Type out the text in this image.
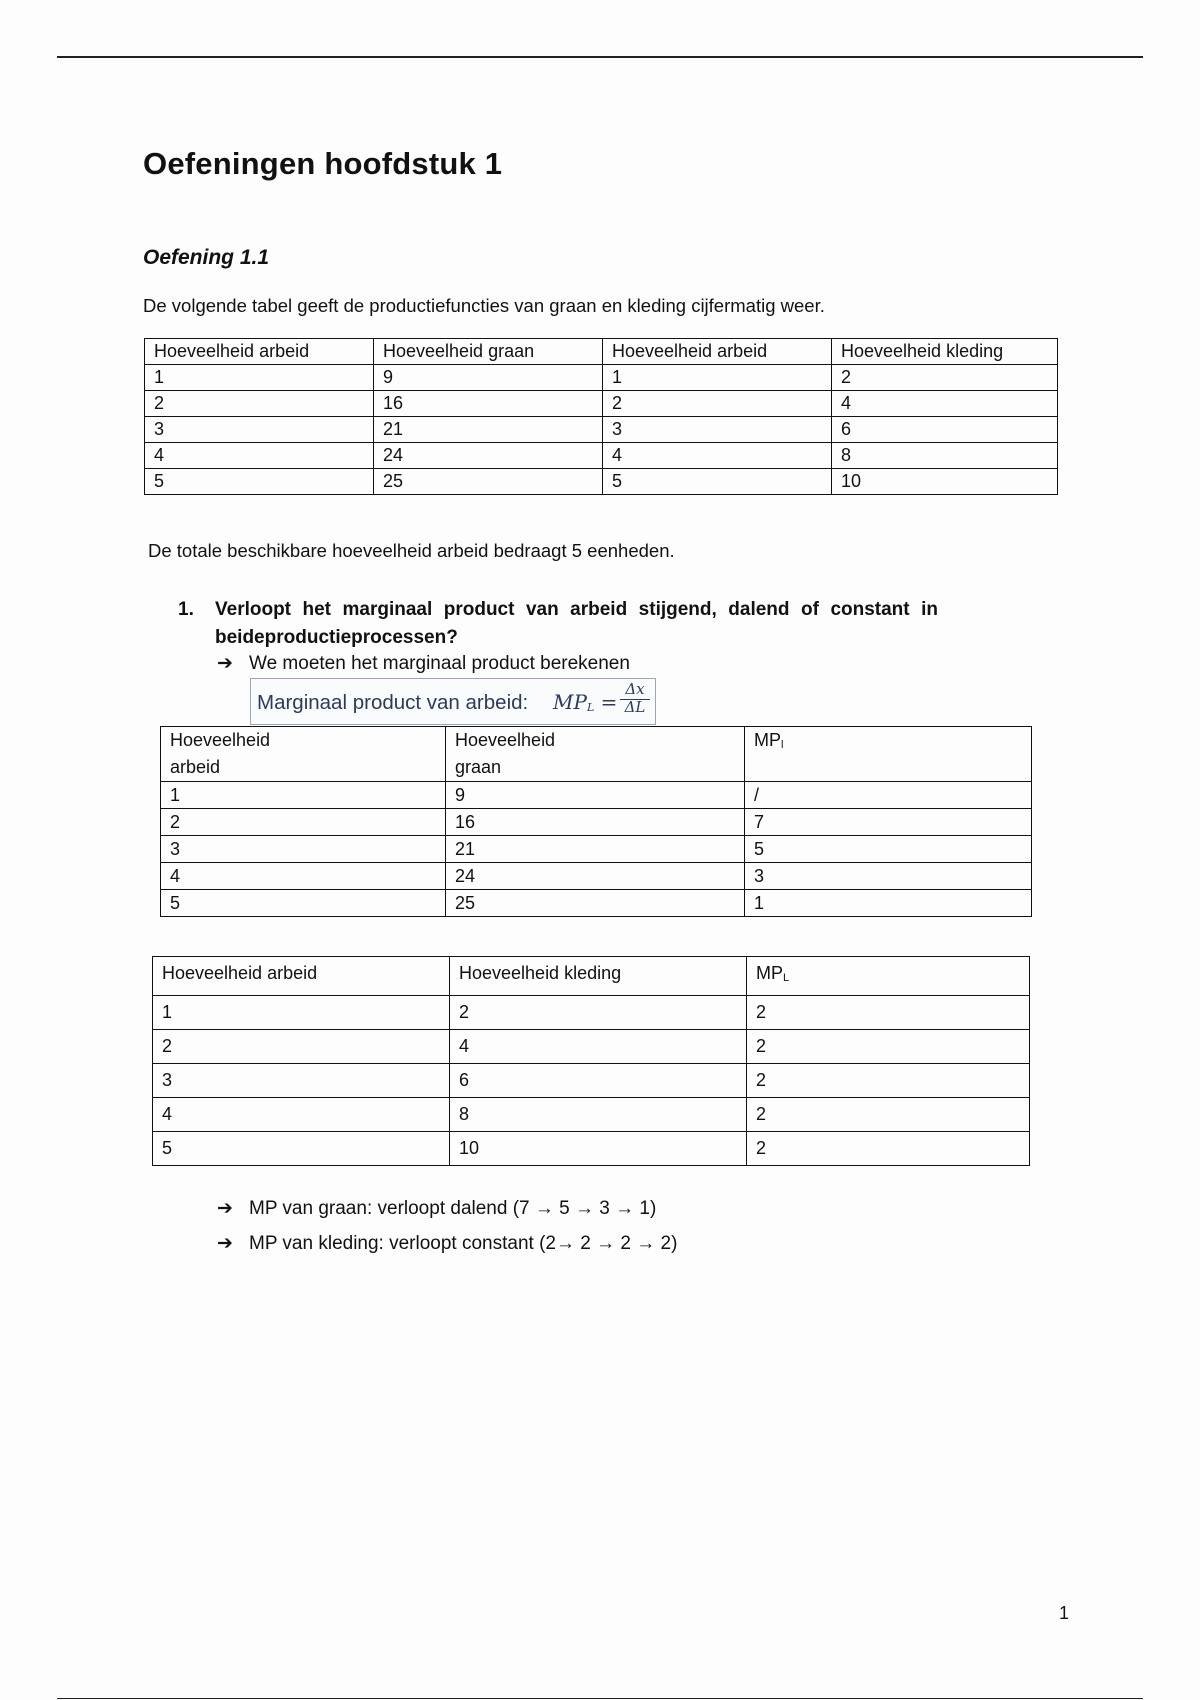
Oefeningen hoofdstuk 1
Oefening 1.1
De volgende tabel geeft de productiefuncties van graan en kleding cijfermatig weer.
Hoeveelheid arbeid	Hoeveelheid graan	Hoeveelheid arbeid	Hoeveelheid kleding
1	9	1	2
2	16	2	4
3	21	3	6
4	24	4	8
5	25	5	10
De totale beschikbare hoeveelheid arbeid bedraagt 5 eenheden.
1. Verloopt het marginaal product van arbeid stijgend, dalend of constant in beideproductieprocessen?
➔ We moeten het marginaal product berekenen
Marginaal product van arbeid: $MP_L$ =
Δx
ΔL
Hoeveelheid arbeid	Hoeveelheid graan	$MP_l$
1	9	/
2	16	7
3	21	5
4	24	3
5	25	1
Hoeveelheid arbeid	Hoeveelheid kleding	$MP_L$
1	2	2
2	4	2
3	6	2
4	8	2
5	10	2
➔ MP van graan: verloopt dalend (7 → 5 → 3 → 1)
➔ MP van kleding: verloopt constant (2→ 2 → 2 → 2)
1
